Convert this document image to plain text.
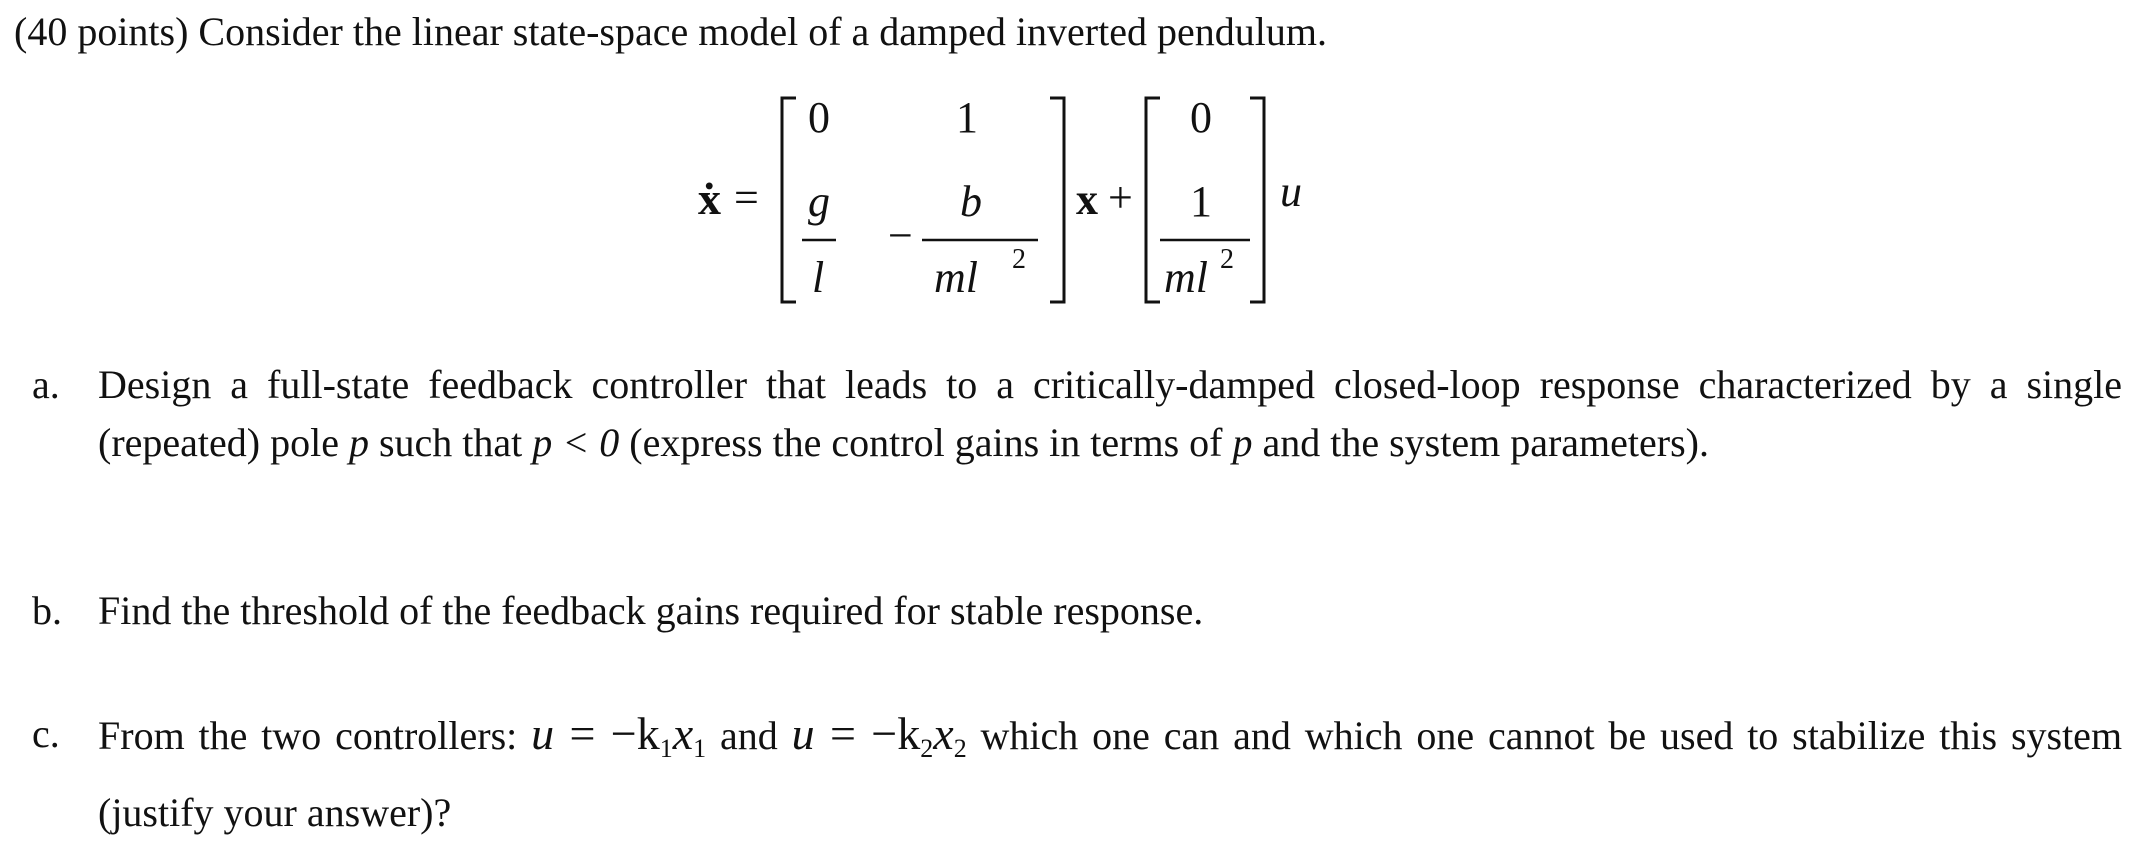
(40 points) Consider the linear state-space model of a damped inverted pendulum.
ẋ =
0	1
g
l
−
b
ml 2
x +
0
1
ml 2
u
a. Design a full-state feedback controller that leads to a critically-damped closed-loop response characterized by a single (repeated) pole p such that p < 0 (express the control gains in terms of p and the system parameters).
b. Find the threshold of the feedback gains required for stable response.
c. From the two controllers: $u = -k_1x_1$ and $u = -k_2x_2$ which one can and which one cannot be used to stabilize this system (justify your answer)?
